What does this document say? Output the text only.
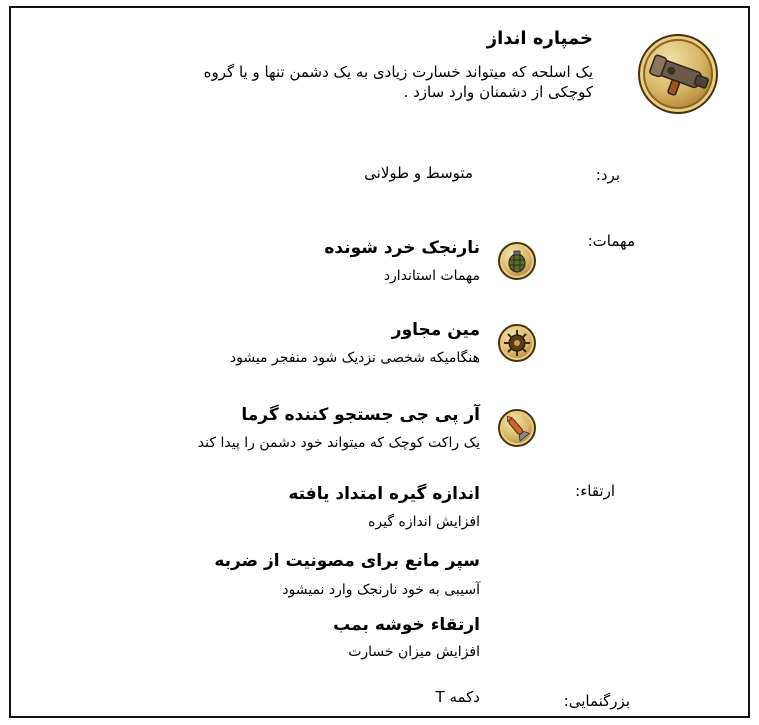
خمپاره انداز
یک اسلحه که میتواند خسارت زیادی به یک دشمن تنها و یا گروه کوچکی از دشمنان وارد سازد .
برد:
متوسط و طولانی
مهمات:
نارنجک خرد شونده
مهمات استاندارد
مین مجاور
هنگامیکه شخصی نزدیک شود منفجر میشود
آر پی جی جستجو کننده گرما
یک راکت کوچک که میتواند خود دشمن را پیدا کند
ارتقاء:
اندازه گیره امتداد یافته
افزایش اندازه گیره
سپر مانع برای مصونیت از ضربه
آسیبی به خود نارنجک وارد نمیشود
ارتقاء خوشه بمب
افزایش میزان خسارت
بزرگنمایی:
دکمه T
